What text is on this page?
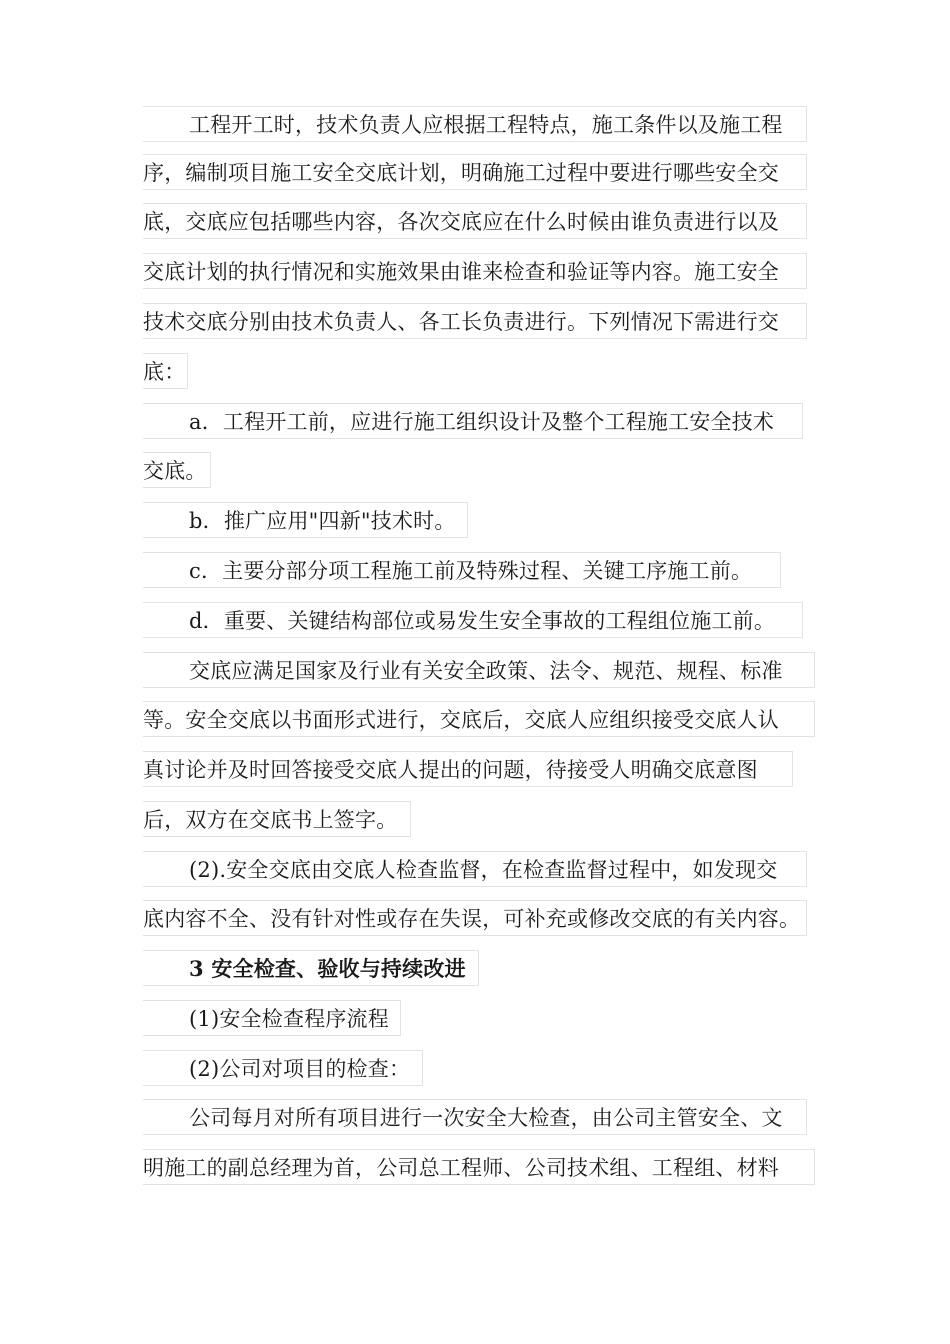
工程开工时，技术负责人应根据工程特点，施工条件以及施工程
序，编制项目施工安全交底计划，明确施工过程中要进行哪些安全交
底，交底应包括哪些内容，各次交底应在什么时候由谁负责进行以及
交底计划的执行情况和实施效果由谁来检查和验证等内容。施工安全
技术交底分别由技术负责人、各工长负责进行。下列情况下需进行交
底：
a．工程开工前，应进行施工组织设计及整个工程施工安全技术
交底。
b．推广应用"四新"技术时。
c．主要分部分项工程施工前及特殊过程、关键工序施工前。
d．重要、关键结构部位或易发生安全事故的工程组位施工前。
交底应满足国家及行业有关安全政策、法令、规范、规程、标准
等。安全交底以书面形式进行，交底后，交底人应组织接受交底人认
真讨论并及时回答接受交底人提出的问题，待接受人明确交底意图
后，双方在交底书上签字。
(2).安全交底由交底人检查监督，在检查监督过程中，如发现交
底内容不全、没有针对性或存在失误，可补充或修改交底的有关内容。
3 安全检查、验收与持续改进
(1)安全检查程序流程
(2)公司对项目的检查：
公司每月对所有项目进行一次安全大检查，由公司主管安全、文
明施工的副总经理为首，公司总工程师、公司技术组、工程组、材料
